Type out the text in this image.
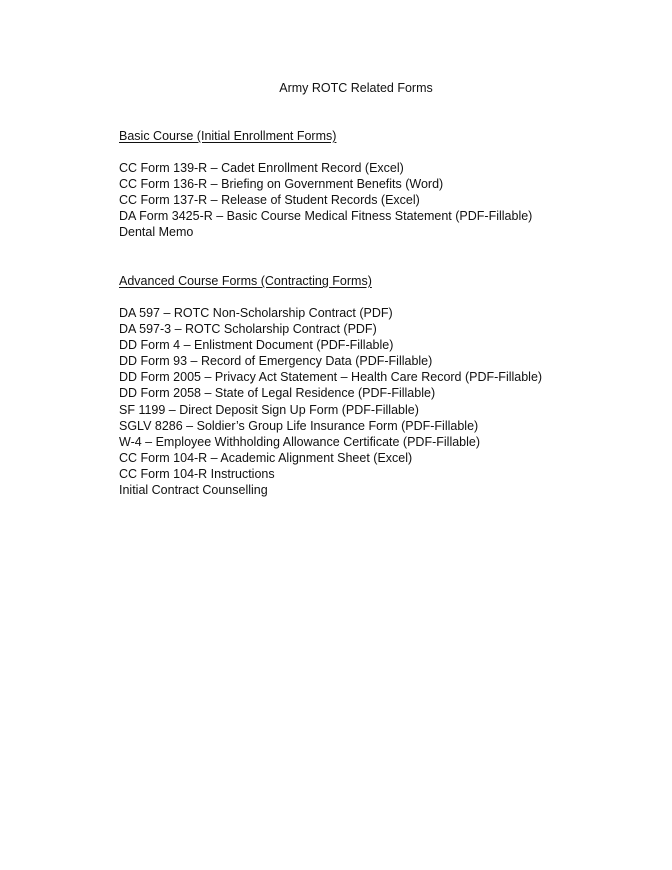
Army ROTC Related Forms
Basic Course (Initial Enrollment Forms)
CC Form 139-R – Cadet Enrollment Record (Excel)
CC Form 136-R – Briefing on Government Benefits (Word)
CC Form 137-R – Release of Student Records (Excel)
DA Form 3425-R – Basic Course Medical Fitness Statement (PDF-Fillable)
Dental Memo
Advanced Course Forms (Contracting Forms)
DA 597 – ROTC Non-Scholarship Contract (PDF)
DA 597-3 – ROTC Scholarship Contract (PDF)
DD Form 4 – Enlistment Document (PDF-Fillable)
DD Form 93 – Record of Emergency Data (PDF-Fillable)
DD Form 2005 – Privacy Act Statement – Health Care Record (PDF-Fillable)
DD Form 2058 – State of Legal Residence (PDF-Fillable)
SF 1199 – Direct Deposit Sign Up Form (PDF-Fillable)
SGLV 8286 – Soldier’s Group Life Insurance Form (PDF-Fillable)
W-4 – Employee Withholding Allowance Certificate (PDF-Fillable)
CC Form 104-R – Academic Alignment Sheet (Excel)
CC Form 104-R Instructions
Initial Contract Counselling
